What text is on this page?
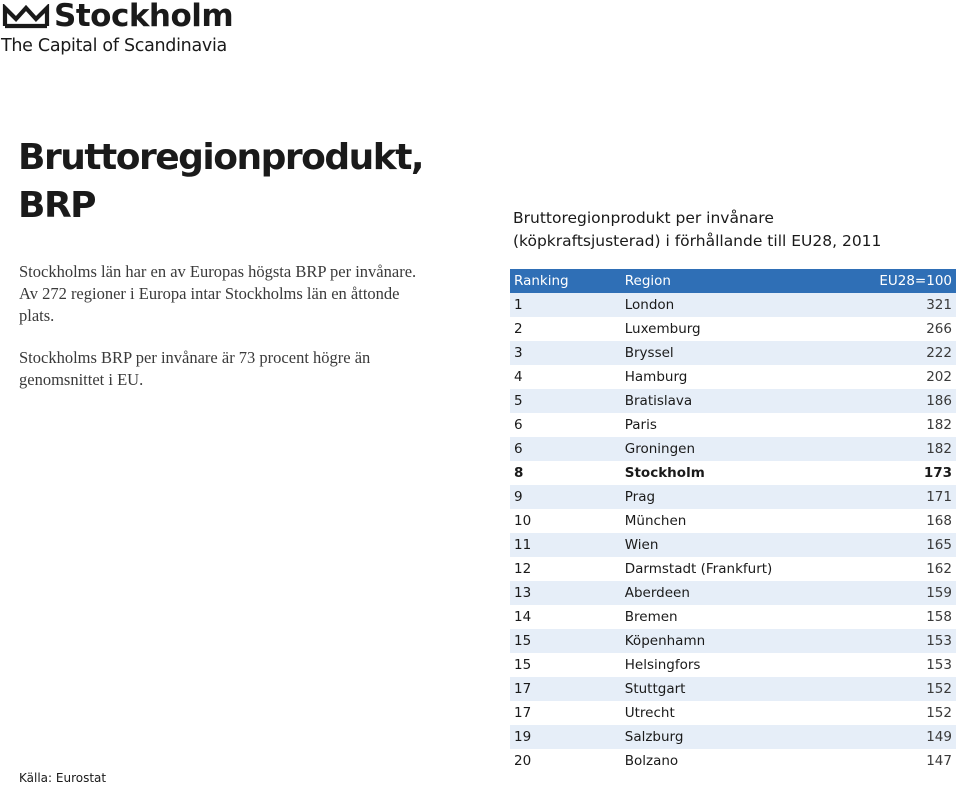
Stockholm
The Capital of Scandinavia
Bruttoregionprodukt, BRP

Stockholms län har en av Europas högsta BRP per invånare. Av 272 regioner i Europa intar Stockholms län en åttonde plats.

Stockholms BRP per invånare är 73 procent högre än genomsnittet i EU.

Källa: Eurostat
Bruttoregionprodukt per invånare
(köpkraftsjusterad) i förhållande till EU28, 2011
Ranking	Region	EU28=100
1	London	321
2	Luxemburg	266
3	Bryssel	222
4	Hamburg	202
5	Bratislava	186
6	Paris	182
6	Groningen	182
8	Stockholm	173
9	Prag	171
10	München	168
11	Wien	165
12	Darmstadt (Frankfurt)	162
13	Aberdeen	159
14	Bremen	158
15	Köpenhamn	153
15	Helsingfors	153
17	Stuttgart	152
17	Utrecht	152
19	Salzburg	149
20	Bolzano	147
